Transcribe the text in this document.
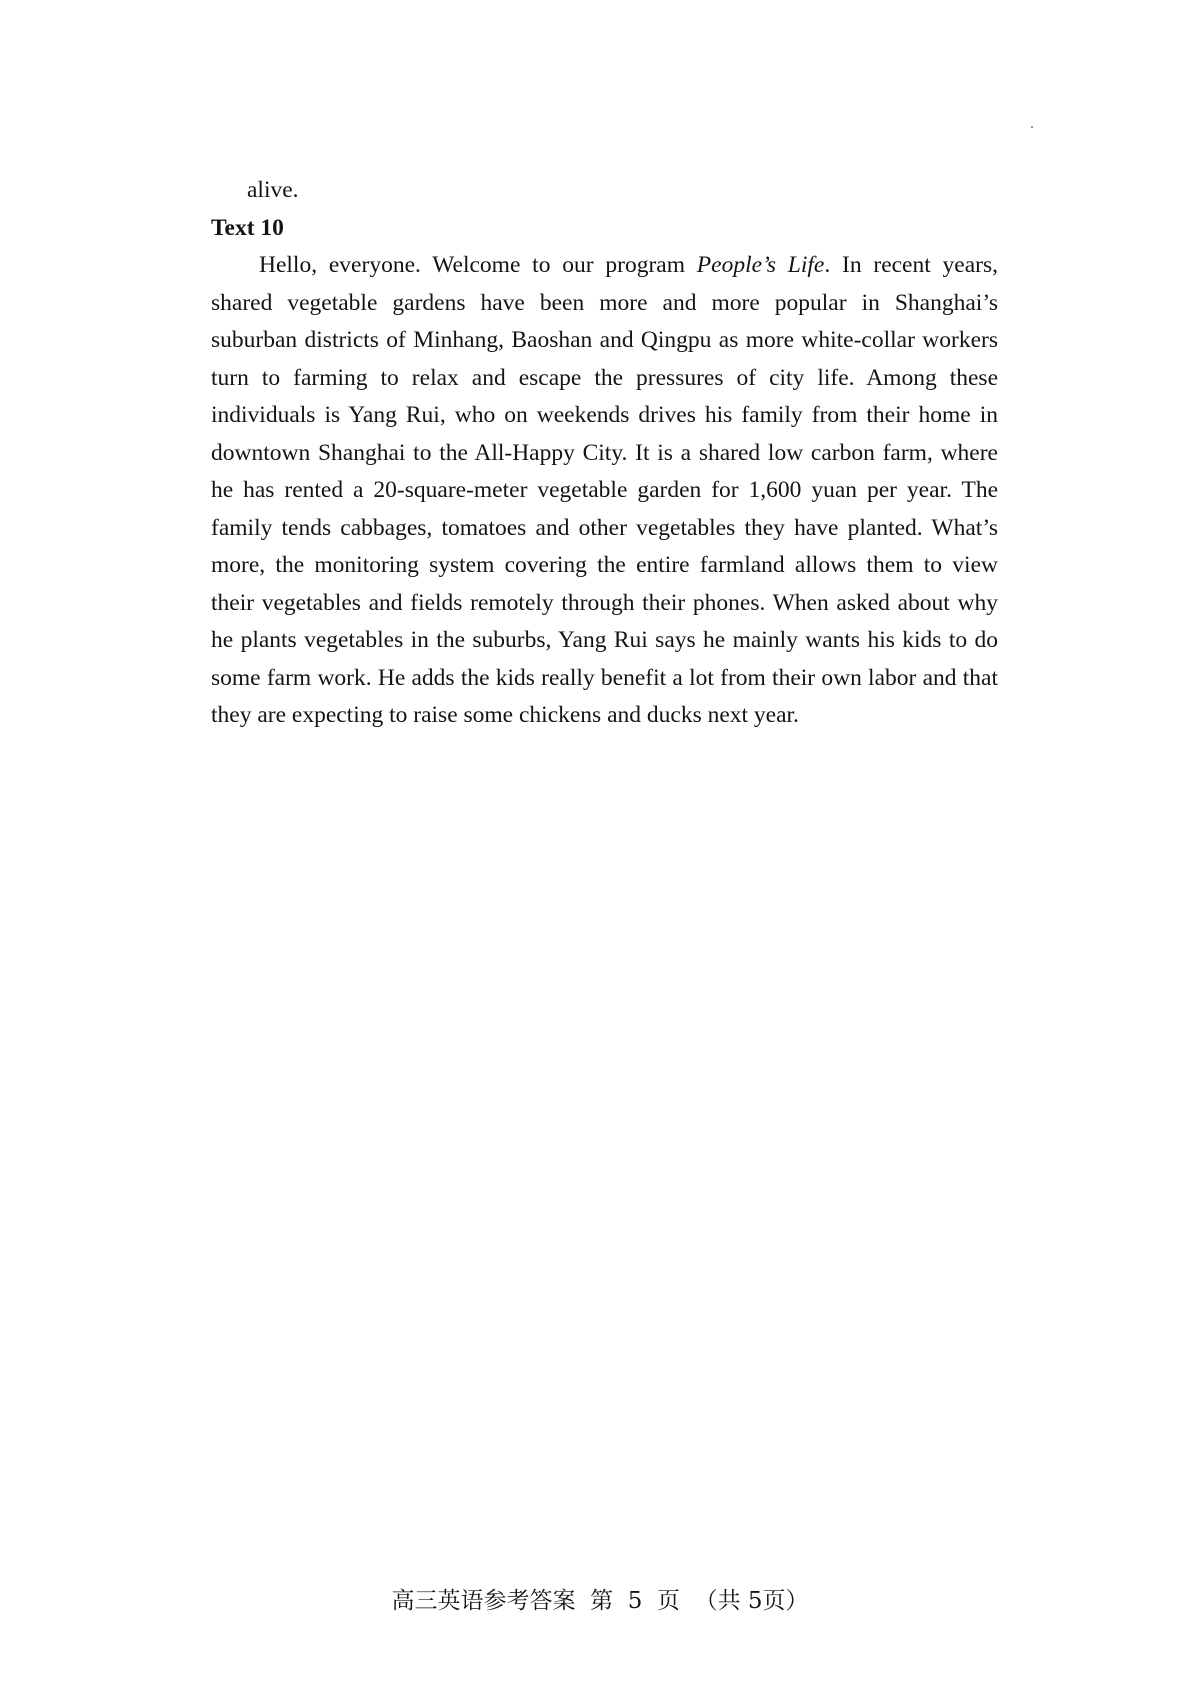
alive.

Text 10

Hello, everyone. Welcome to our program People’s Life. In recent years, shared vegetable gardens have been more and more popular in Shanghai’s suburban districts of Minhang, Baoshan and Qingpu as more white-collar workers turn to farming to relax and escape the pressures of city life. Among these individuals is Yang Rui, who on weekends drives his family from their home in downtown Shanghai to the All-Happy City. It is a shared low carbon farm, where he has rented a 20-square-meter vegetable garden for 1,600 yuan per year. The family tends cabbages, tomatoes and other vegetables they have planted. What’s more, the monitoring system covering the entire farmland allows them to view their vegetables and fields remotely through their phones. When asked about why he plants vegetables in the suburbs, Yang Rui says he mainly wants his kids to do some farm work. He adds the kids really benefit a lot from their own labor and that they are expecting to raise some chickens and ducks next year.

高三英语参考答案  第  5  页  （共 5页）
